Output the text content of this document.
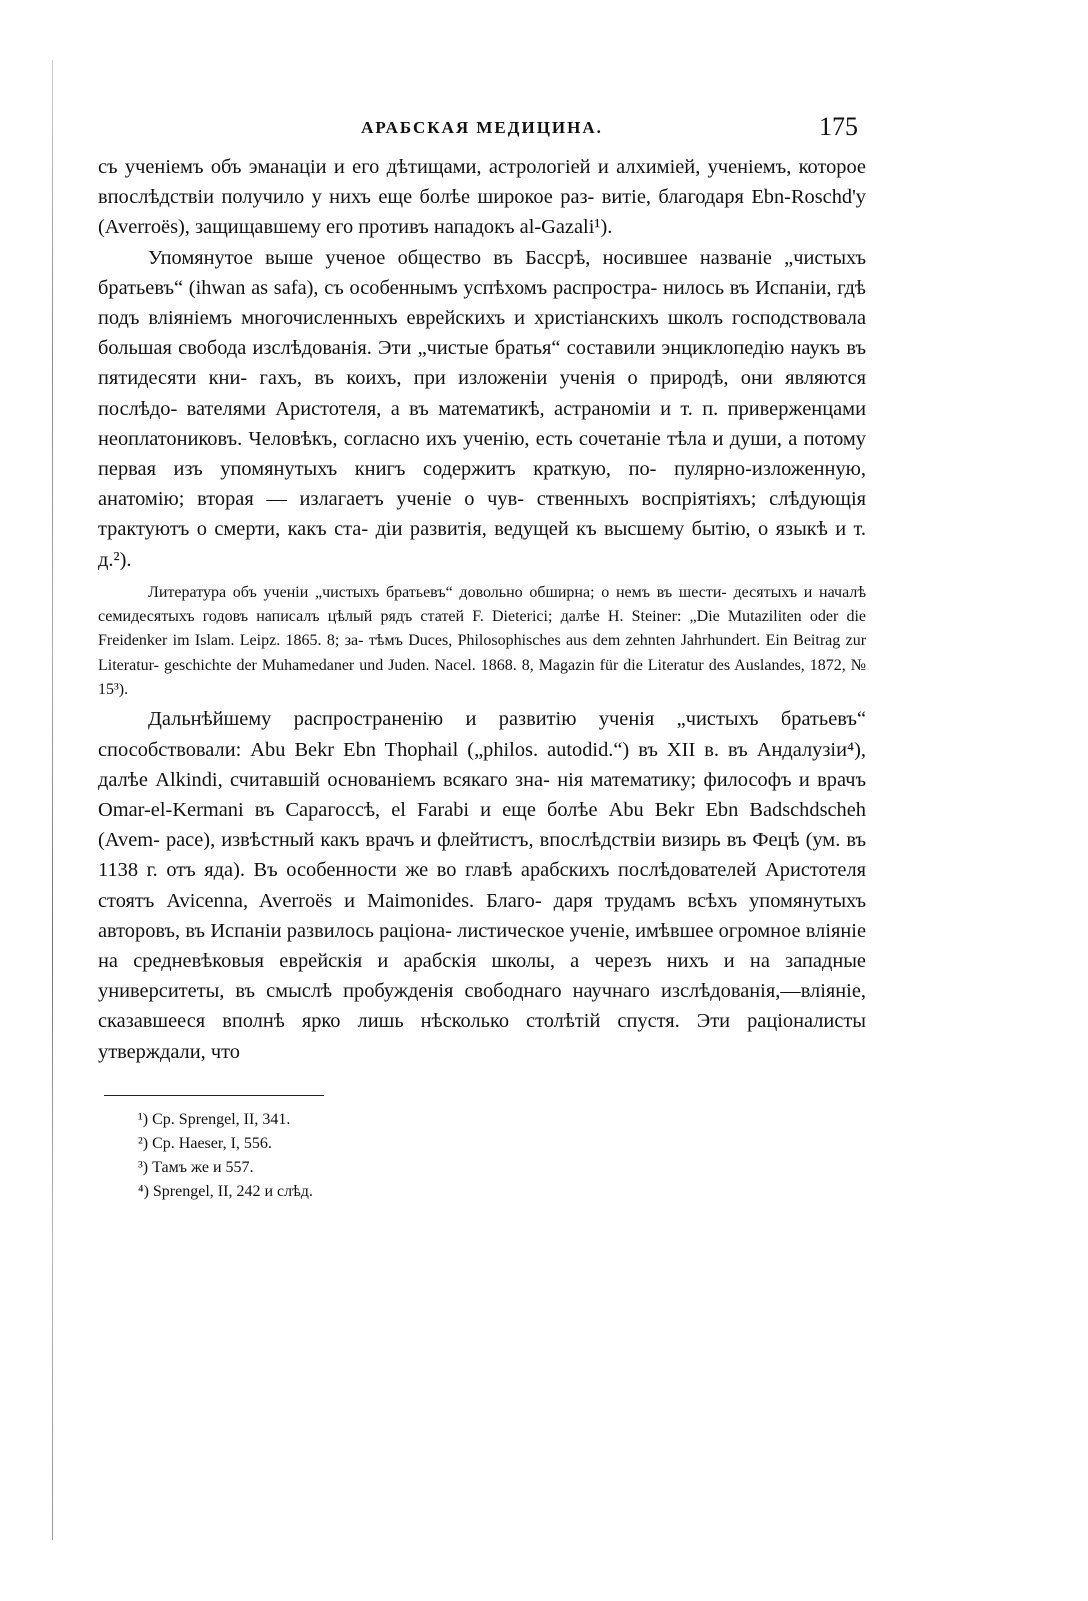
АРАБСКАЯ МЕДИЦИНА.	175

съ ученіемъ объ эманаціи и его дѣтищами, астрологiей и алхимiей, ученіемъ, которое впослѣдствіи получило у нихъ еще болѣе широкое раз- витіе, благодаря Ebn-Roschd'у (Averroës), защищавшему его противъ нападокъ al-Gazali¹).

Упомянутое выше ученое общество въ Бассрѣ, носившее названіе „чистыхъ братьевъ“ (ihwan as safa), съ особеннымъ успѣхомъ распростра- нилось въ Испаніи, гдѣ подъ вліяніемъ многочисленныхъ еврейскихъ и христіанскихъ школъ господствовала большая свобода изслѣдованія. Эти „чистые братья“ составили энциклопедію наукъ въ пятидесяти кни- гахъ, въ коихъ, при изложеніи ученія о природѣ, они являются послѣдо- вателями Аристотеля, а въ математикѣ, астраноміи и т. п. приверженцами неоплатониковъ. Человѣкъ, согласно ихъ ученію, есть сочетаніе тѣла и души, а потому первая изъ упомянутыхъ книгъ содержитъ краткую, по- пулярно-изложенную, анатомію; вторая — излагаетъ ученіе о чув- ственныхъ воспріятіяхъ; слѣдующія трактуютъ о смерти, какъ ста- діи развитія, ведущей къ высшему бытію, о языкѣ и т. д.²).

Литература объ ученіи „чистыхъ братьевъ“ довольно обширна; о немъ въ шести- десятыхъ и началѣ семидесятыхъ годовъ написалъ цѣлый рядъ статей F. Dieterici; далѣе H. Steiner: „Die Mutaziliten oder die Freidenker im Islam. Leipz. 1865. 8; за- тѣмъ Duces, Philosophisches aus dem zehnten Jahrhundert. Ein Beitrag zur Literatur- geschichte der Muhamedaner und Juden. Nacel. 1868. 8, Magazin für die Literatur des Auslandes, 1872, № 15³).

Дальнѣйшему распространенію и развитію ученія „чистыхъ братьевъ“ способствовали: Abu Bekr Ebn Thophail („philos. autodid.“) въ XII в. въ Андалузіи⁴), далѣе Alkindi, считавшій основаніемъ всякаго зна- нія математику; философъ и врачъ Omar-el-Kermani въ Сарагоссѣ, el Farabi и еще болѣе Abu Bekr Ebn Badschdscheh (Avem- pace), извѣстный какъ врачъ и флейтистъ, впослѣдствіи визирь въ Фецѣ (ум. въ 1138 г. отъ яда). Въ особенности же во главѣ арабскихъ послѣдователей Аристотеля стоятъ Avicenna, Averroës и Maimonides. Благо- даря трудамъ всѣхъ упомянутыхъ авторовъ, въ Испаніи развилось раціона- листическое ученіе, имѣвшее огромное вліяніе на средневѣковыя еврейскія и арабскія школы, а черезъ нихъ и на западные университеты, въ смыслѣ пробужденія свободнаго научнаго изслѣдованія,—вліяніе, сказавшееся вполнѣ ярко лишь нѣсколько столѣтій спустя. Эти раціоналисты утверждали, что

¹) Cp. Sprengel, II, 341.
²) Cp. Haeser, I, 556.
³) Тамъ же и 557.
⁴) Sprengel, II, 242 и слѣд.
